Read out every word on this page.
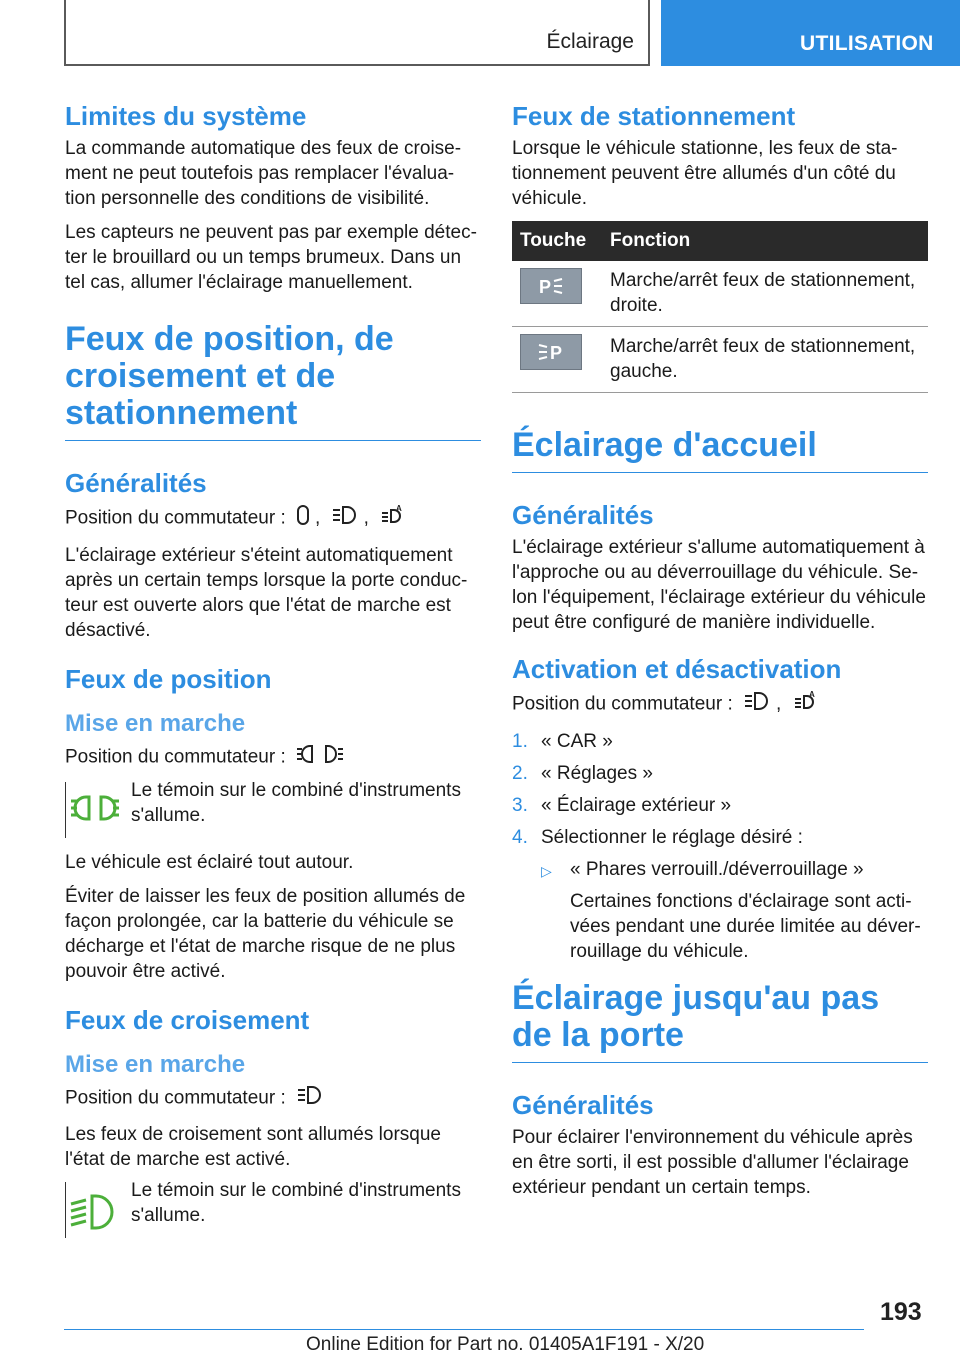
Éclairage	UTILISATION
Limites du système

La commande automatique des feux de croise-ment ne peut toutefois pas remplacer l'évalua-tion personnelle des conditions de visibilité.

Les capteurs ne peuvent pas par exemple détec-ter le brouillard ou un temps brumeux. Dans un tel cas, allumer l'éclairage manuellement.

Feux de position, de croisement et de stationnement
Généralités

Position du commutateur : , ,	A

L'éclairage extérieur s'éteint automatiquement après un certain temps lorsque la porte conduc-teur est ouverte alors que l'état de marche est désactivé.

Feux de position
Mise en marche

Position du commutateur :

Le témoin sur le combiné d'instruments s'allume.

Le véhicule est éclairé tout autour.

Éviter de laisser les feux de position allumés de façon prolongée, car la batterie du véhicule se décharge et l'état de marche risque de ne plus pouvoir être activé.

Feux de croisement
Mise en marche

Position du commutateur :

Les feux de croisement sont allumés lorsque l'état de marche est activé.

Le témoin sur le combiné d'instruments s'allume.
Feux de stationnement

Lorsque le véhicule stationne, les feux de sta-tionnement peuvent être allumés d'un côté du véhicule.

Touche	Fonction

P	Marche/arrêt feux de stationnement, droite.

P	Marche/arrêt feux de stationnement, gauche.
Éclairage d'accueil
Généralités

L'éclairage extérieur s'allume automatiquement à l'approche ou au déverrouillage du véhicule. Se-lon l'équipement, l'éclairage extérieur du véhicule peut être configuré de manière individuelle.

Activation et désactivation

Position du commutateur : ,	A

1. « CAR »
2. « Réglages »
3. « Éclairage extérieur »
4. Sélectionner le réglage désiré :
▷ « Phares verrouill./déverrouillage »
Certaines fonctions d'éclairage sont acti-vées pendant une durée limitée au déver-rouillage du véhicule.
Éclairage jusqu'au pas de la porte
Généralités

Pour éclairer l'environnement du véhicule après en être sorti, il est possible d'allumer l'éclairage extérieur pendant un certain temps.

193
Online Edition for Part no. 01405A1F191 - X/20
